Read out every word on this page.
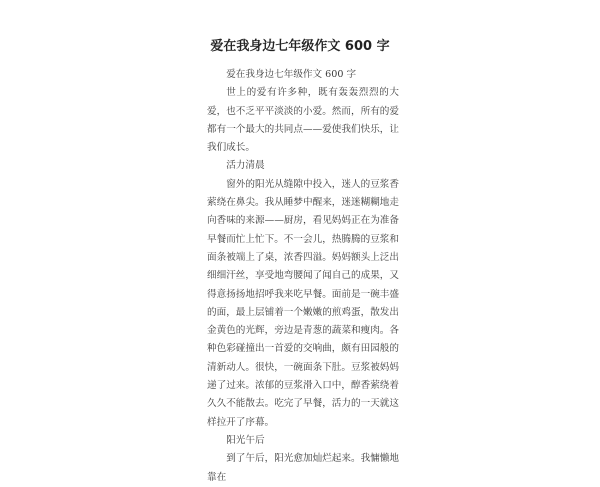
爱在我身边七年级作文 600 字

爱在我身边七年级作文 600 字

世上的爱有许多种，既有轰轰烈烈的大爱，也不乏平平淡淡的小爱。然而，所有的爱都有一个最大的共同点——爱使我们快乐，让我们成长。

活力清晨

窗外的阳光从缝隙中投入，迷人的豆浆香萦绕在鼻尖。我从睡梦中醒来，迷迷糊糊地走向香味的来源——厨房，看见妈妈正在为准备早餐而忙上忙下。不一会儿，热腾腾的豆浆和面条被端上了桌，浓香四溢。妈妈额头上泛出细细汗丝，享受地弯腰闻了闻自己的成果，又得意扬扬地招呼我来吃早餐。面前是一碗丰盛的面，最上层铺着一个嫩嫩的煎鸡蛋，散发出金黄色的光辉，旁边是青葱的蔬菜和瘦肉。各种色彩碰撞出一首爱的交响曲，颇有田园般的清新动人。很快，一碗面条下肚。豆浆被妈妈递了过来。浓郁的豆浆滑入口中，醇香萦绕着久久不能散去。吃完了早餐，活力的一天就这样拉开了序幕。

阳光午后

到了午后，阳光愈加灿烂起来。我慵懒地靠在
